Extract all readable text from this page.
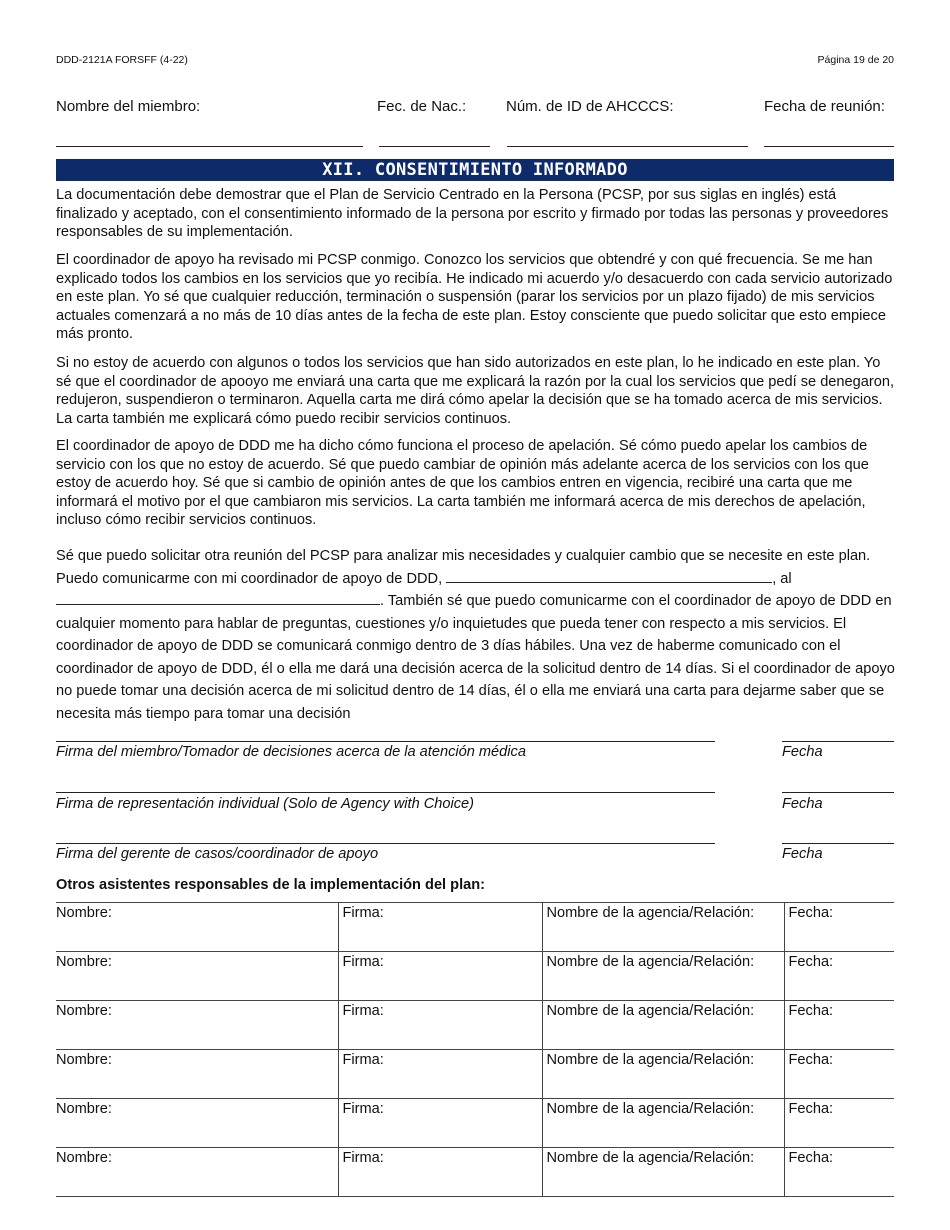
DDD-2121A FORSFF (4-22)	Página 19 de 20
Nombre del miembro:	Fec. de Nac.:	Núm. de ID de AHCCCS:	Fecha de reunión:
XII. CONSENTIMIENTO INFORMADO

La documentación debe demostrar que el Plan de Servicio Centrado en la Persona (PCSP, por sus siglas en inglés) está finalizado y aceptado, con el consentimiento informado de la persona por escrito y firmado por todas las personas y proveedores responsables de su implementación.

El coordinador de apoyo ha revisado mi PCSP conmigo. Conozco los servicios que obtendré y con qué frecuencia. Se me han explicado todos los cambios en los servicios que yo recibía. He indicado mi acuerdo y/o desacuerdo con cada servicio autorizado en este plan. Yo sé que cualquier reducción, terminación o suspensión (parar los servicios por un plazo fijado) de mis servicios actuales comenzará a no más de 10 días antes de la fecha de este plan. Estoy consciente que puedo solicitar que esto empiece más pronto.

Si no estoy de acuerdo con algunos o todos los servicios que han sido autorizados en este plan, lo he indicado en este plan. Yo sé que el coordinador de apooyo me enviará una carta que me explicará la razón por la cual los servicios que pedí se denegaron, redujeron, suspendieron o terminaron. Aquella carta me dirá cómo apelar la decisión que se ha tomado acerca de mis servicios. La carta también me explicará cómo puedo recibir servicios continuos.

El coordinador de apoyo de DDD me ha dicho cómo funciona el proceso de apelación. Sé cómo puedo apelar los cambios de servicio con los que no estoy de acuerdo. Sé que puedo cambiar de opinión más adelante acerca de los servicios con los que estoy de acuerdo hoy. Sé que si cambio de opinión antes de que los cambios entren en vigencia, recibiré una carta que me informará el motivo por el que cambiaron mis servicios. La carta también me informará acerca de mis derechos de apelación, incluso cómo recibir servicios continuos.

Sé que puedo solicitar otra reunión del PCSP para analizar mis necesidades y cualquier cambio que se necesite en este plan. Puedo comunicarme con mi coordinador de apoyo de DDD,	, al . También sé que puedo comunicarme con el coordinador de apoyo de DDD en cualquier momento para hablar de preguntas, cuestiones y/o inquietudes que pueda tener con respecto a mis servicios. El coordinador de apoyo de DDD se comunicará conmigo dentro de 3 días hábiles. Una vez de haberme comunicado con el coordinador de apoyo de DDD, él o ella me dará una decisión acerca de la solicitud dentro de 14 días. Si el coordinador de apoyo no puede tomar una decisión acerca de mi solicitud dentro de 14 días, él o ella me enviará una carta para dejarme saber que se necesita más tiempo para tomar una decisión

Firma del miembro/Tomador de decisiones acerca de la atención médica	Fecha
Firma de representación individual (Solo de Agency with Choice)	Fecha
Firma del gerente de casos/coordinador de apoyo	Fecha
Otros asistentes responsables de la implementación del plan:
Nombre:	Firma:	Nombre de la agencia/Relación:	Fecha:
Nombre:	Firma:	Nombre de la agencia/Relación:	Fecha:
Nombre:	Firma:	Nombre de la agencia/Relación:	Fecha:
Nombre:	Firma:	Nombre de la agencia/Relación:	Fecha:
Nombre:	Firma:	Nombre de la agencia/Relación:	Fecha:
Nombre:	Firma:	Nombre de la agencia/Relación:	Fecha:
